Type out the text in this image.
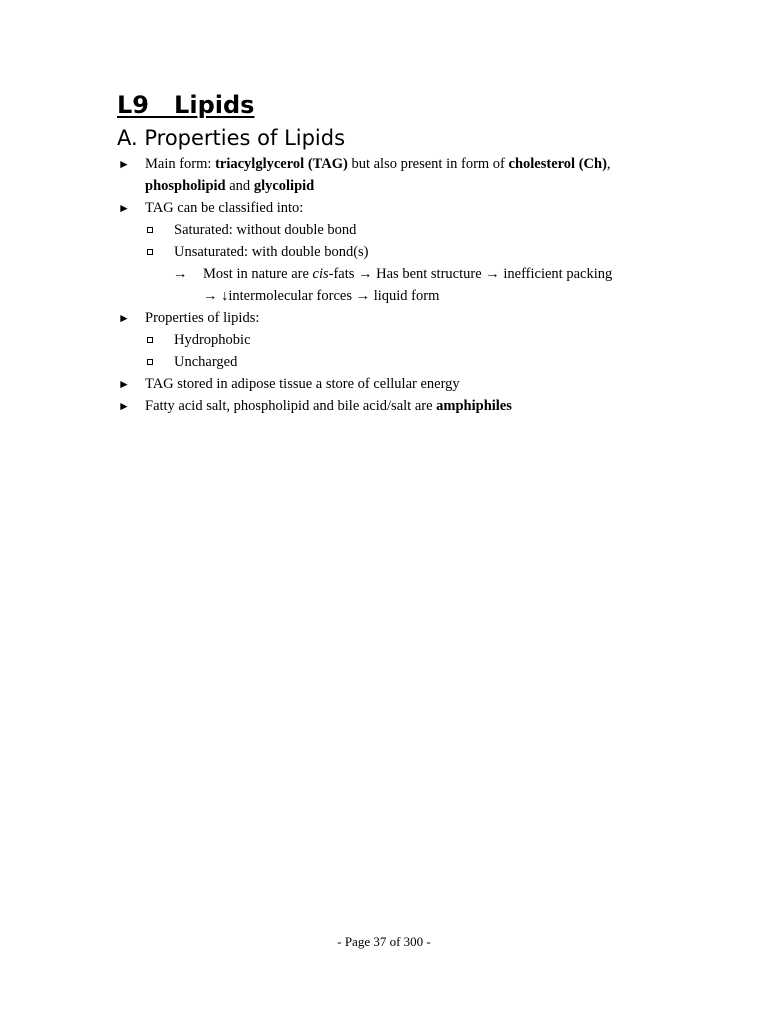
L9   Lipids
A. Properties of Lipids
► Main form: triacylglycerol (TAG) but also present in form of cholesterol (Ch),
phospholipid and glycolipid
► TAG can be classified into:
Saturated: without double bond
Unsaturated: with double bond(s)
→ Most in nature are cis-fats → Has bent structure → inefficient packing
→ ↓intermolecular forces → liquid form
► Properties of lipids:
Hydrophobic
Uncharged
► TAG stored in adipose tissue a store of cellular energy
► Fatty acid salt, phospholipid and bile acid/salt are amphiphiles
- Page 37 of 300 -
